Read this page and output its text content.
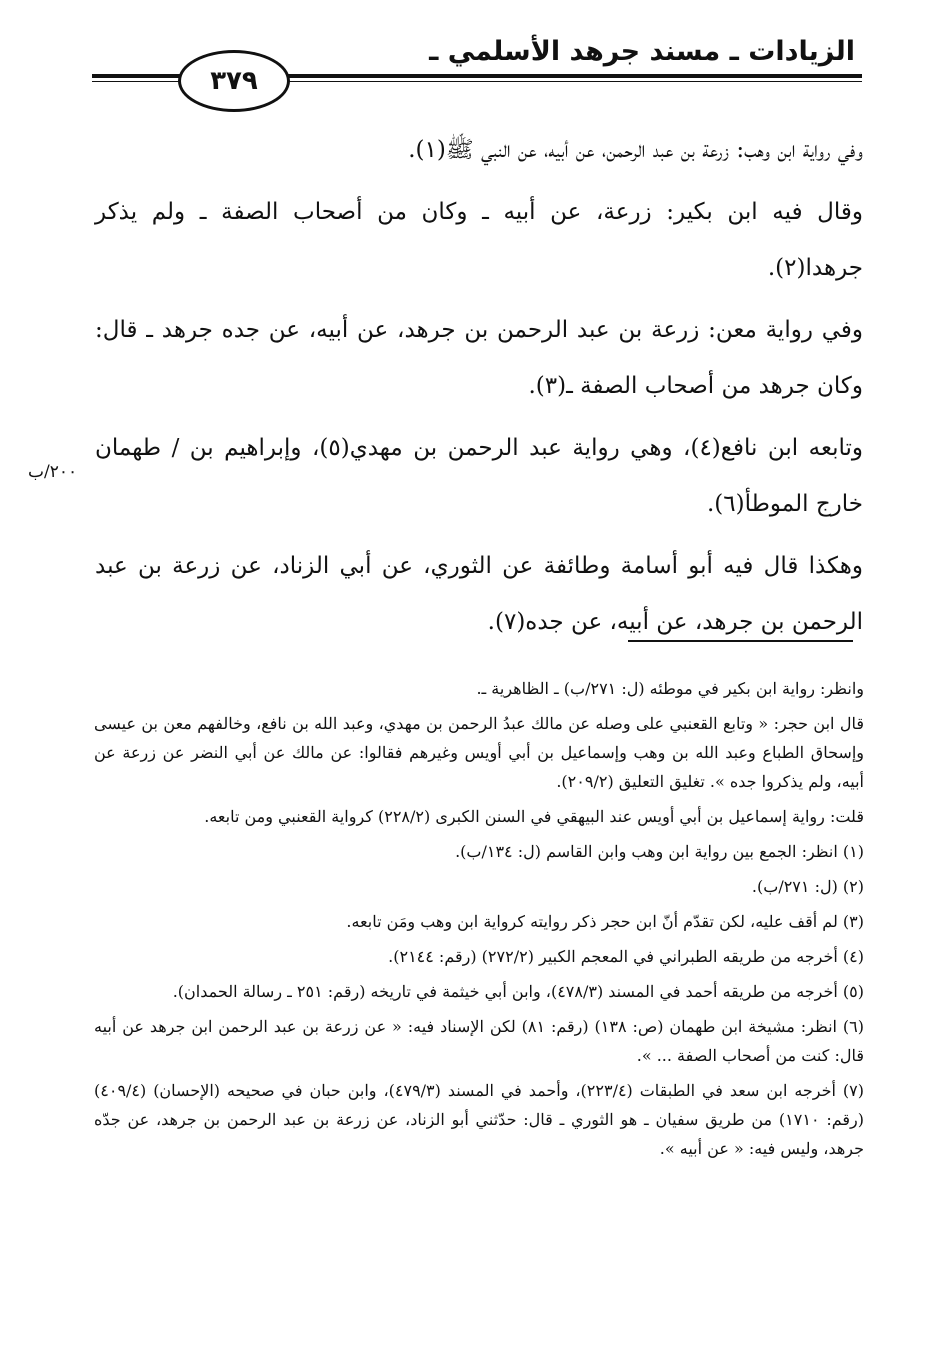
الزيادات ـ مسند جرهد الأسلمي ـ
٣٧٩

وفي رواية ابن وهب: زرعة بن عبد الرحمن، عن أبيه، عن النبي ﷺ(١).

وقال فيه ابن بكير: زرعة، عن أبيه ـ وكان من أصحاب الصفة ـ ولم يذكر جرهدا(٢).

وفي رواية معن: زرعة بن عبد الرحمن بن جرهد، عن أبيه، عن جده جرهد ـ قال: وكان جرهد من أصحاب الصفة ـ(٣).

وتابعه ابن نافع(٤)، وهي رواية عبد الرحمن بن مهدي(٥)، وإبراهيم بن / طهمان خارج الموطأ(٦).

وهكذا قال فيه أبو أسامة وطائفة عن الثوري، عن أبي الزناد، عن زرعة بن عبد الرحمن بن جرهد، عن أبيه، عن جده(٧).

٢٠٠/ب

وانظر: رواية ابن بكير في موطئه (ل: ٢٧١/ب) ـ الظاهرية ـ.

قال ابن حجر: « وتابع القعنبي على وصله عن مالك عبدُ الرحمن بن مهدي، وعبد الله بن نافع، وخالفهم معن بن عيسى وإسحاق الطباع وعبد الله بن وهب وإسماعيل بن أبي أويس وغيرهم فقالوا: عن مالك عن أبي النضر عن زرعة عن أبيه، ولم يذكروا جده ». تغليق التعليق (٢٠٩/٢).

قلت: رواية إسماعيل بن أبي أويس عند البيهقي في السنن الكبرى (٢٢٨/٢) كرواية القعنبي ومن تابعه.

(١) انظر: الجمع بين رواية ابن وهب وابن القاسم (ل: ١٣٤/ب).

(٢) (ل: ٢٧١/ب).

(٣) لم أقف عليه، لكن تقدّم أنّ ابن حجر ذكر روايته كرواية ابن وهب ومَن تابعه.

(٤) أخرجه من طريقه الطبراني في المعجم الكبير (٢٧٢/٢) (رقم: ٢١٤٤).

(٥) أخرجه من طريقه أحمد في المسند (٤٧٨/٣)، وابن أبي خيثمة في تاريخه (رقم: ٢٥١ ـ رسالة الحمدان).

(٦) انظر: مشيخة ابن طهمان (ص: ١٣٨) (رقم: ٨١) لكن الإسناد فيه: « عن زرعة بن عبد الرحمن ابن جرهد عن أبيه قال: كنت من أصحاب الصفة ... ».

(٧) أخرجه ابن سعد في الطبقات (٢٢٣/٤)، وأحمد في المسند (٤٧٩/٣)، وابن حبان في صحيحه (الإحسان) (٤٠٩/٤) (رقم: ١٧١٠) من طريق سفيان ـ هو الثوري ـ قال: حدّثني أبو الزناد، عن زرعة بن عبد الرحمن بن جرهد، عن جدّه جرهد، وليس فيه: « عن أبيه ».
